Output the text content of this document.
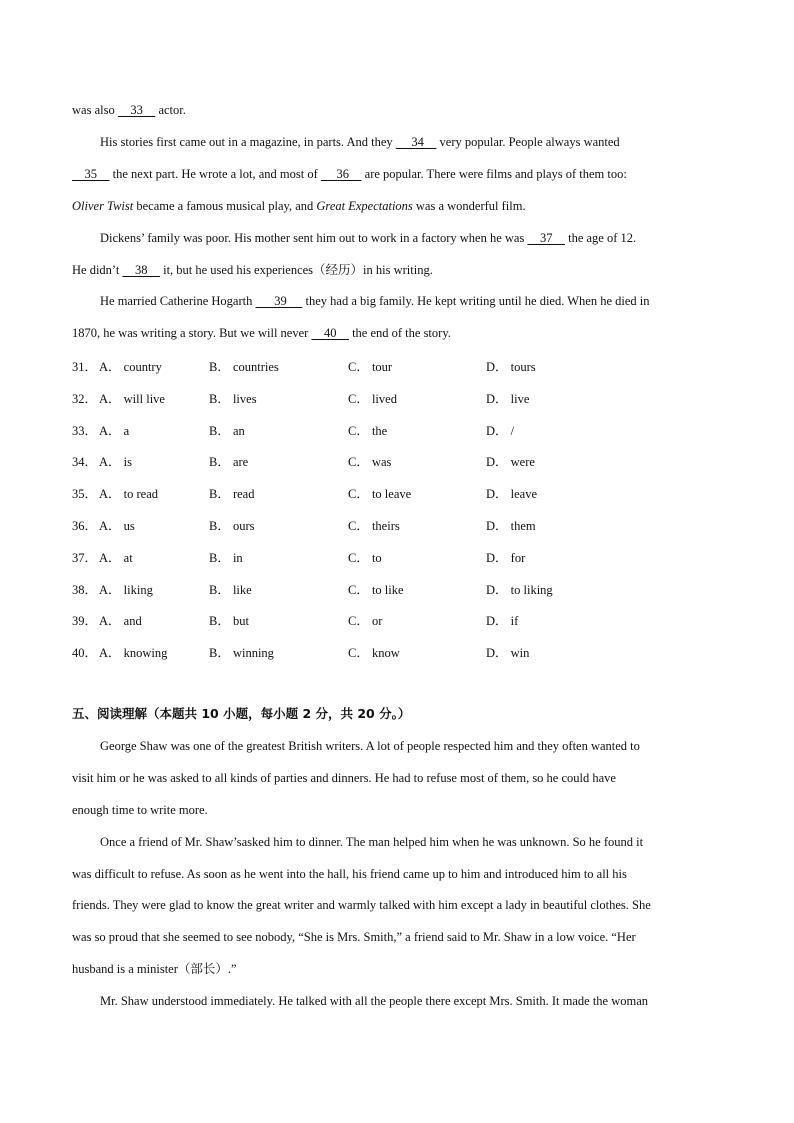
was also     33     actor.
His stories first came out in a magazine, in parts. And they      34     very popular. People always wanted
35     the next part. He wrote a lot, and most of      36     are popular. There were films and plays of them too:
Oliver Twist became a famous musical play, and Great Expectations was a wonderful film.
Dickens’ family was poor. His mother sent him out to work in a factory when he was     37     the age of 12.
He didn’t     38     it, but he used his experiences（经历）in his writing.
He married Catherine Hogarth       39      they had a big family. He kept writing until he died. When he died in
1870, he was writing a story. But we will never     40     the end of the story.
31． A． country	B． countries	C． tour	D． tours
32． A． will live	B． lives	C． lived	D． live
33． A． a	B． an	C． the	D． /
34． A． is	B． are	C． was	D． were
35． A． to read	B． read	C． to leave	D． leave
36． A． us	B． ours	C． theirs	D． them
37． A． at	B． in	C． to	D． for
38． A． liking	B． like	C． to like	D． to liking
39． A． and	B． but	C． or	D． if
40． A． knowing	B． winning	C． know	D． win
五、阅读理解（本题共 10 小题，每小题 2 分，共 20 分。）
George Shaw was one of the greatest British writers. A lot of people respected him and they often wanted to
visit him or he was asked to all kinds of parties and dinners. He had to refuse most of them, so he could have
enough time to write more.
Once a friend of Mr. Shaw’sasked him to dinner. The man helped him when he was unknown. So he found it
was difficult to refuse. As soon as he went into the hall, his friend came up to him and introduced him to all his
friends. They were glad to know the great writer and warmly talked with him except a lady in beautiful clothes. She
was so proud that she seemed to see nobody, “She is Mrs. Smith,” a friend said to Mr. Shaw in a low voice. “Her
husband is a minister（部长）.”
Mr. Shaw understood immediately. He talked with all the people there except Mrs. Smith. It made the woman
